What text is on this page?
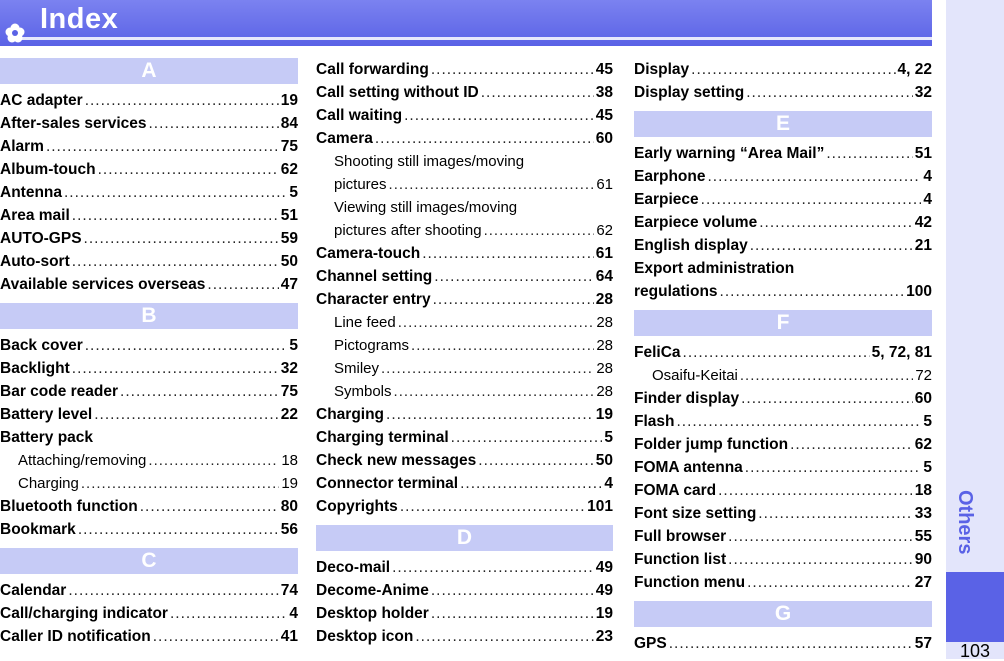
Index
Others
103
A
AC adapter .....	19
After-sales services .....	84
Alarm .....	75
Album-touch .....	62
Antenna .....	5
Area mail .....	51
AUTO-GPS .....	59
Auto-sort .....	50
Available services overseas .....	47
B
Back cover .....	5
Backlight .....	32
Bar code reader .....	75
Battery level .....	22
Battery pack
Attaching/removing .....	18
Charging .....	19
Bluetooth function .....	80
Bookmark .....	56
C
Calendar .....	74
Call/charging indicator .....	4
Caller ID notification .....	41
Call forwarding .....	45
Call setting without ID .....	38
Call waiting .....	45
Camera .....	60
Shooting still images/moving
pictures .....	61
Viewing still images/moving
pictures after shooting .....	62
Camera-touch .....	61
Channel setting .....	64
Character entry .....	28
Line feed .....	28
Pictograms .....	28
Smiley .....	28
Symbols .....	28
Charging .....	19
Charging terminal .....	5
Check new messages .....	50
Connector terminal .....	4
Copyrights .....	101
D
Deco-mail .....	49
Decome-Anime .....	49
Desktop holder .....	19
Desktop icon .....	23
Display .....	4, 22
Display setting .....	32
E
Early warning “Area Mail” .....	51
Earphone .....	4
Earpiece .....	4
Earpiece volume .....	42
English display .....	21
Export administration
regulations .....	100
F
FeliCa .....	5, 72, 81
Osaifu-Keitai .....	72
Finder display .....	60
Flash .....	5
Folder jump function .....	62
FOMA antenna .....	5
FOMA card .....	18
Font size setting .....	33
Full browser .....	55
Function list .....	90
Function menu .....	27
G
GPS .....	57
